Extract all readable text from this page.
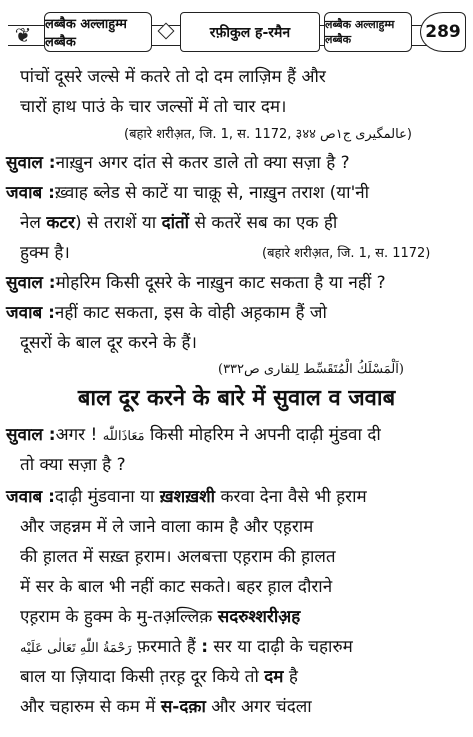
❦	लब्बैक अल्लाहुम्म लब्बैक
रफ़ीकुल ह-रमैन	लब्बैक अल्लाहुम्म लब्बैक	289
पांचों दूसरे जल्से में कतरे तो दो दम लाज़िम हैं और
चारों हाथ पाउं के चार जल्सों में तो चार दम।
(बहारे शरीअ़त, जि. 1, स. 1172, ३४४ عالمگیری ج۱ص)
सुवाल :नाख़ुन अगर दांत से कतर डाले तो क्या सज़ा है ?
जवाब :ख़्वाह ब्लेड से काटें या चाक़ू से, नाख़ुन तराश (या'नी
नेल कटर) से तराशें या दांतों से कतरें सब का एक ही
हुक्म है।	(बहारे शरीअ़त, जि. 1, स. 1172)
सुवाल :मोहरिम किसी दूसरे के नाख़ुन काट सकता है या नहीं ?
जवाब :नहीं काट सकता, इस के वोही अह़काम हैं जो
दूसरों के बाल दूर करने के हैं।
(اَلْمَسْلَكُ الْمُتَقَسِّط لِلقاری ص۳۳۲)
बाल दूर करने के बारे में सुवाल व जवाब
सुवाल :अगर ! مَعَاذَاللّٰه किसी मोहरिम ने अपनी दाढ़ी मुंडवा दी
तो क्या सज़ा है ?
जवाब :दाढ़ी मुंडवाना या ख़शख़शी करवा देना वैसे भी ह़राम
और जहन्नम में ले जाने वाला काम है और एह़राम
की ह़ालत में सख़्त ह़राम। अलबत्ता एह़राम की ह़ालत
में सर के बाल भी नहीं काट सकते। बहर ह़ाल दौराने
एह़राम के हुक्म के मु-तअ़ल्लिक़ सदरुश्शरीअ़ह
رَحْمَةُ اللّٰهِ تَعَالٰی عَلَیْه फ़रमाते हैं : सर या दाढ़ी के चहारुम
बाल या ज़ियादा किसी त़रह़ दूर किये तो दम है
और चहारुम से कम में स-दक़ा और अगर चंदला
